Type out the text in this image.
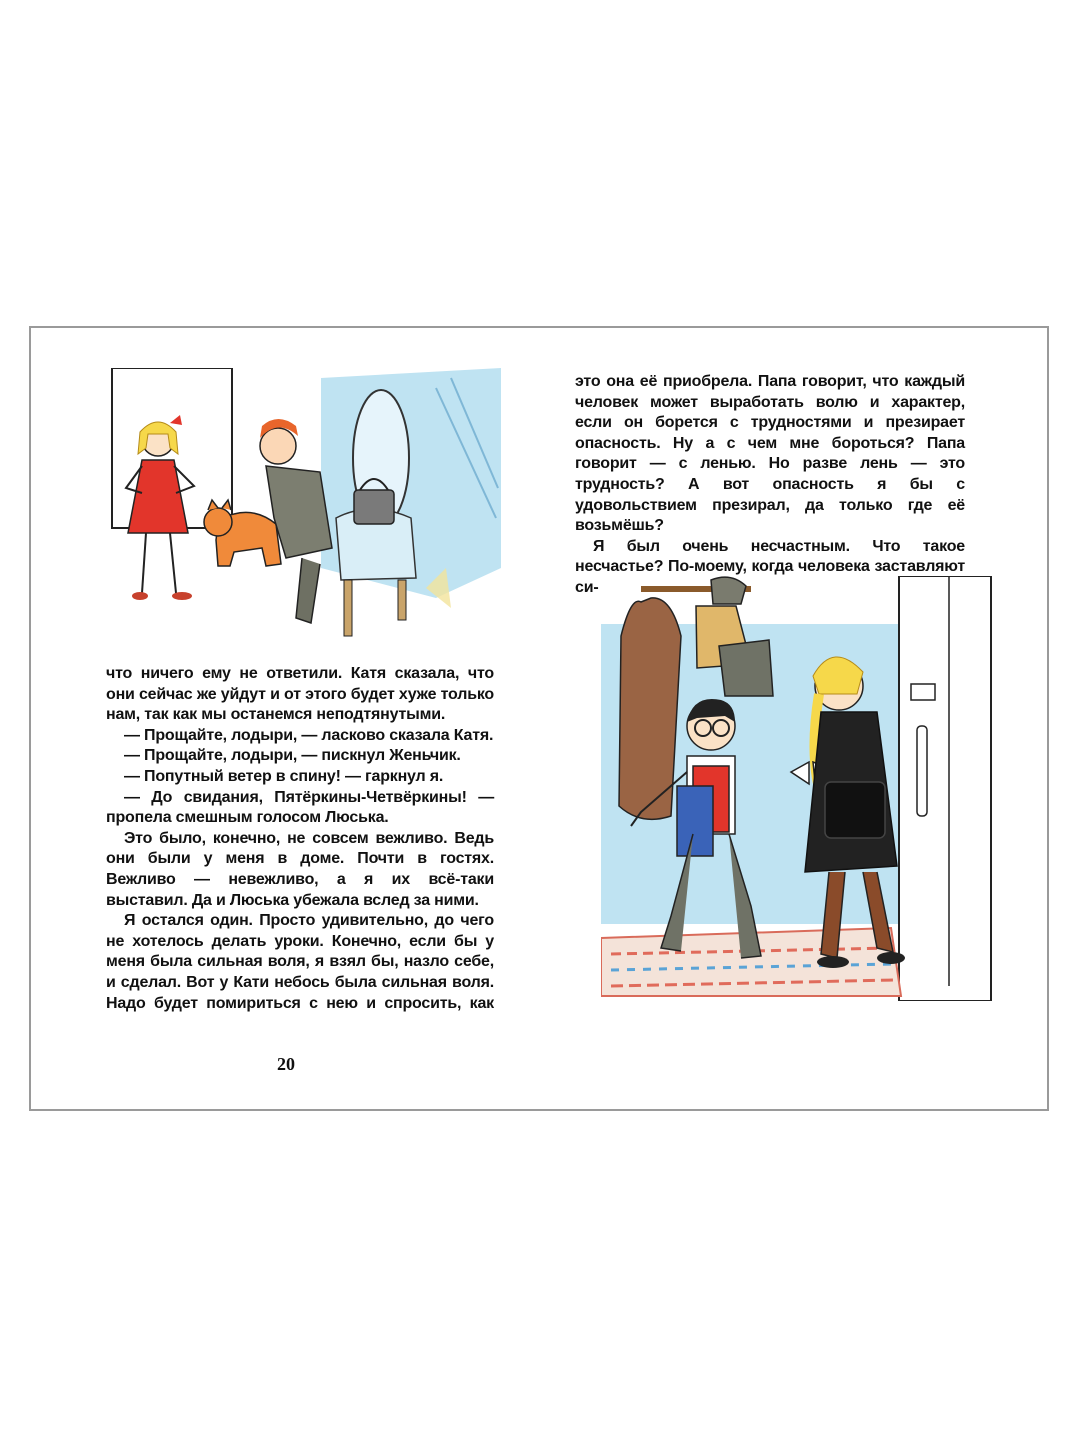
что ничего ему не ответили. Катя сказала, что они сейчас же уйдут и от этого будет хуже только нам, так как мы останемся неподтянутыми.

— Прощайте, лодыри, — ласково сказала Катя.

— Прощайте, лодыри, — пискнул Женьчик.

— Попутный ветер в спину! — гаркнул я.

— До свидания, Пятёркины-Четвёркины! — пропела смешным голосом Люська.

Это было, конечно, не совсем вежливо. Ведь они были у меня в доме. Почти в гостях. Вежливо — невежливо, а я их всё-таки выставил. Да и Люська убежала вслед за ними.

Я остался один. Просто удивительно, до чего не хотелось делать уроки. Конечно, если бы у меня была сильная воля, я взял бы, назло себе, и сделал. Вот у Кати небось была сильная воля. Надо будет помириться с нею и спросить, как

20

это она её приобрела. Папа говорит, что каждый человек может выработать волю и характер, если он борется с трудностями и презирает опасность. Ну а с чем мне бороться? Папа говорит — с ленью. Но разве лень — это трудность? А вот опасность я бы с удовольствием презирал, да только где её возьмёшь?

Я был очень несчастным. Что такое несчастье? По-моему, когда человека заставляют си-
